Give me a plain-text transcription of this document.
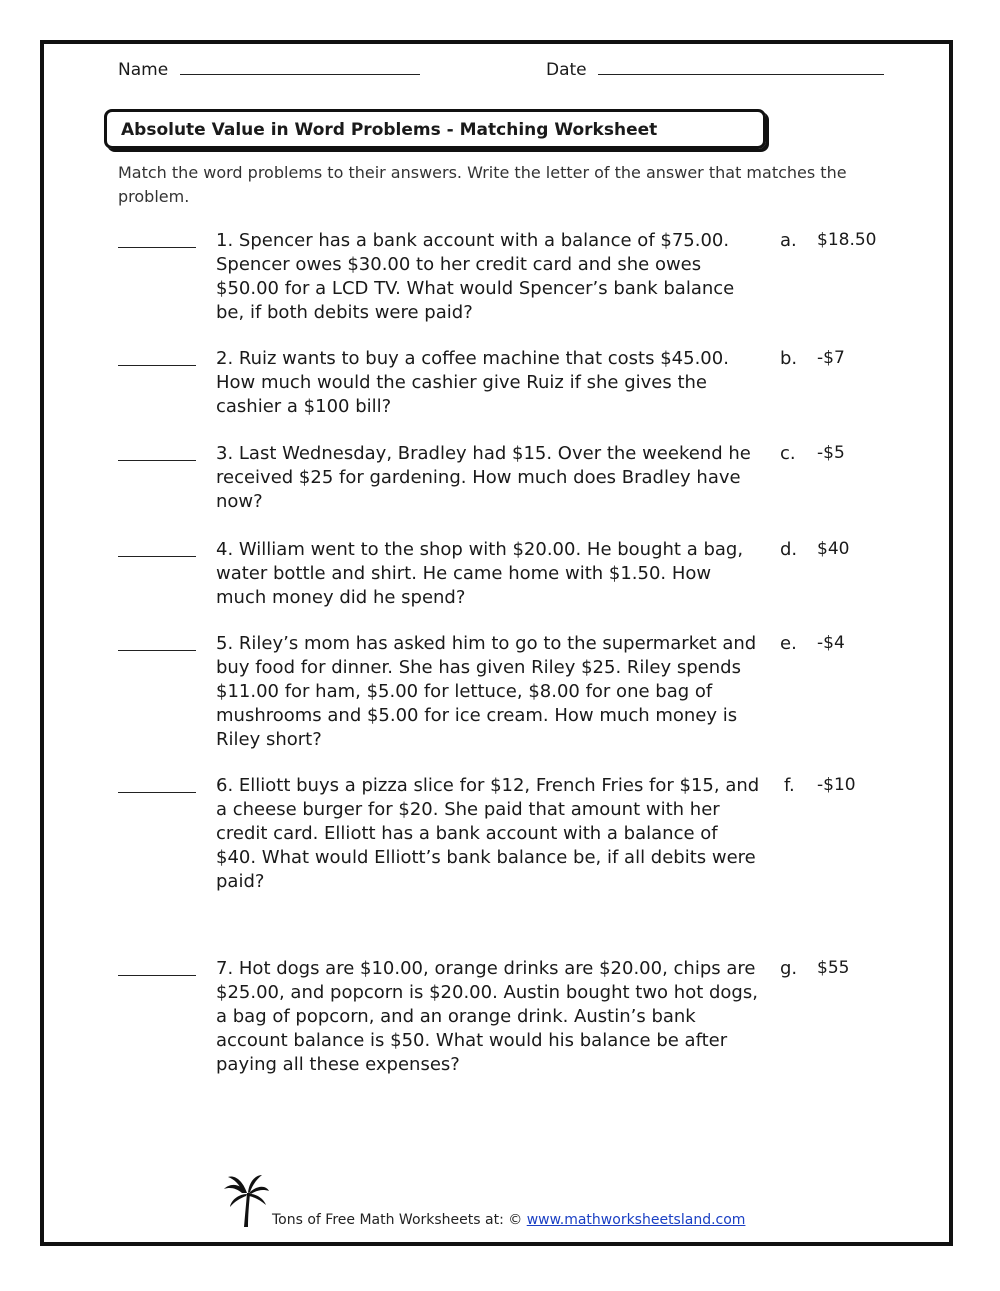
Name	Date
Absolute Value in Word Problems - Matching Worksheet
Match the word problems to their answers. Write the letter of the answer that matches the problem.
1. Spencer has a bank account with a balance of $75.00. Spencer owes $30.00 to her credit card and she owes $50.00 for a LCD TV. What would Spencer’s bank balance be, if both debits were paid?
a. $18.50
2. Ruiz wants to buy a coffee machine that costs $45.00. How much would the cashier give Ruiz if she gives the cashier a $100 bill?
b. -$7
3. Last Wednesday, Bradley had $15. Over the weekend he received $25 for gardening. How much does Bradley have now?
c. -$5
4. William went to the shop with $20.00. He bought a bag, water bottle and shirt. He came home with $1.50. How much money did he spend?
d. $40
5. Riley’s mom has asked him to go to the supermarket and buy food for dinner. She has given Riley $25. Riley spends $11.00 for ham, $5.00 for lettuce, $8.00 for one bag of mushrooms and $5.00 for ice cream. How much money is Riley short?
e. -$4
6. Elliott buys a pizza slice for $12, French Fries for $15, and a cheese burger for $20. She paid that amount with her credit card. Elliott has a bank account with a balance of $40. What would Elliott’s bank balance be, if all debits were paid?
f. -$10
7. Hot dogs are $10.00, orange drinks are $20.00, chips are $25.00, and popcorn is $20.00. Austin bought two hot dogs, a bag of popcorn, and an orange drink. Austin’s bank account balance is $50. What would his balance be after paying all these expenses?
g. $55
Tons of Free Math Worksheets at: © www.mathworksheetsland.com
